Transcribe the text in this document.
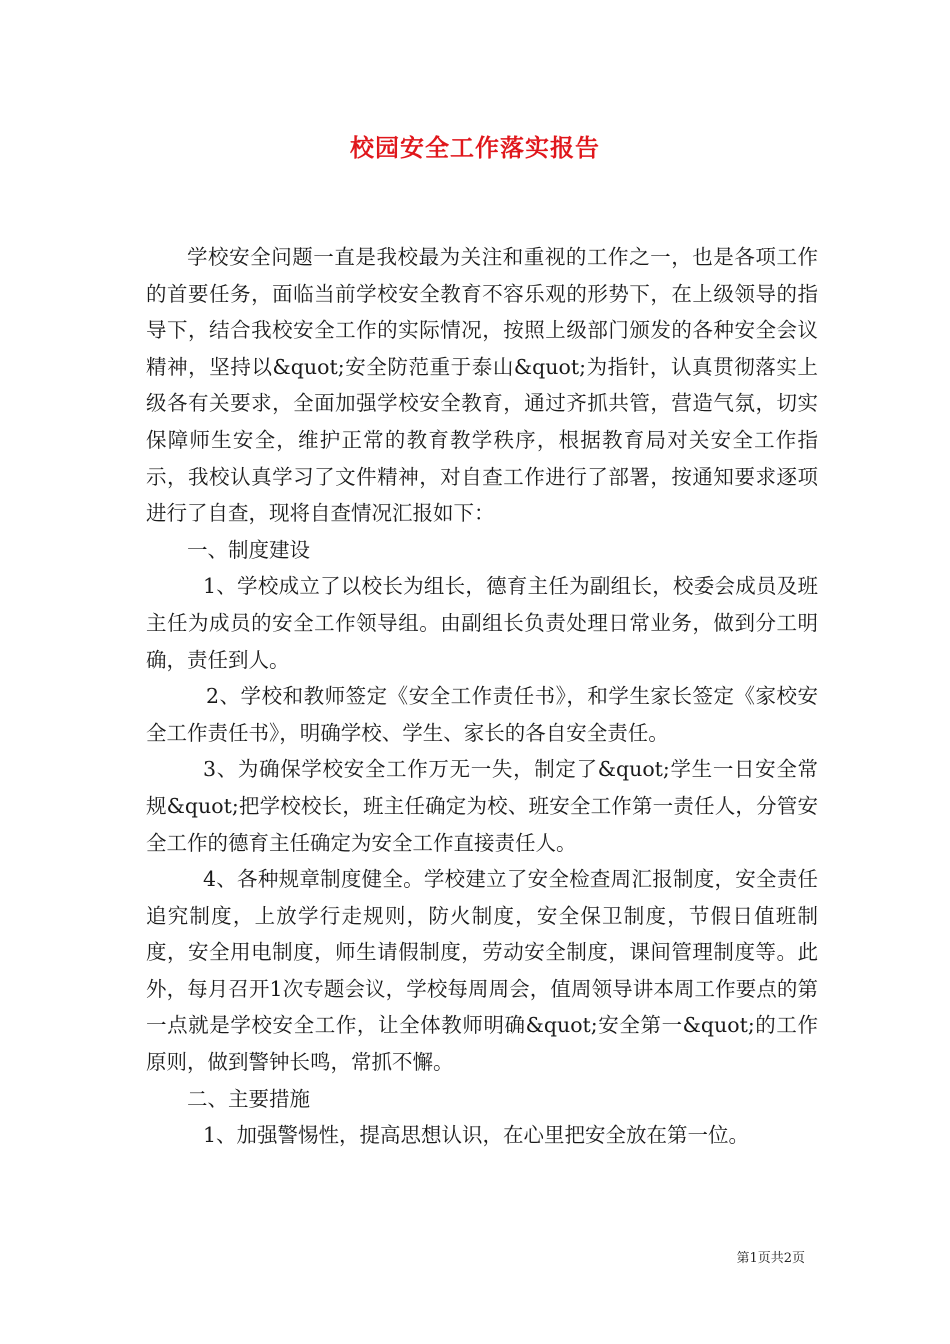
校园安全工作落实报告

学校安全问题一直是我校最为关注和重视的工作之一，也是各项工作的首要任务，面临当前学校安全教育不容乐观的形势下，在上级领导的指导下，结合我校安全工作的实际情况，按照上级部门颁发的各种安全会议精神，坚持以&quot;安全防范重于泰山&quot;为指针，认真贯彻落实上级各有关要求，全面加强学校安全教育，通过齐抓共管，营造气氛，切实保障师生安全，维护正常的教育教学秩序，根据教育局对关安全工作指示，我校认真学习了文件精神，对自查工作进行了部署，按通知要求逐项进行了自查，现将自查情况汇报如下：

一、制度建设

1、学校成立了以校长为组长，德育主任为副组长，校委会成员及班主任为成员的安全工作领导组。由副组长负责处理日常业务，做到分工明确，责任到人。

2、学校和教师签定《安全工作责任书》，和学生家长签定《家校安全工作责任书》，明确学校、学生、家长的各自安全责任。

3、为确保学校安全工作万无一失，制定了&quot;学生一日安全常规&quot;把学校校长，班主任确定为校、班安全工作第一责任人，分管安全工作的德育主任确定为安全工作直接责任人。

4、各种规章制度健全。学校建立了安全检查周汇报制度，安全责任追究制度，上放学行走规则，防火制度，安全保卫制度，节假日值班制度，安全用电制度，师生请假制度，劳动安全制度，课间管理制度等。此外，每月召开1次专题会议，学校每周周会，值周领导讲本周工作要点的第一点就是学校安全工作，让全体教师明确&quot;安全第一&quot;的工作原则，做到警钟长鸣，常抓不懈。

二、主要措施

1、加强警惕性，提高思想认识，在心里把安全放在第一位。

第1页共2页
